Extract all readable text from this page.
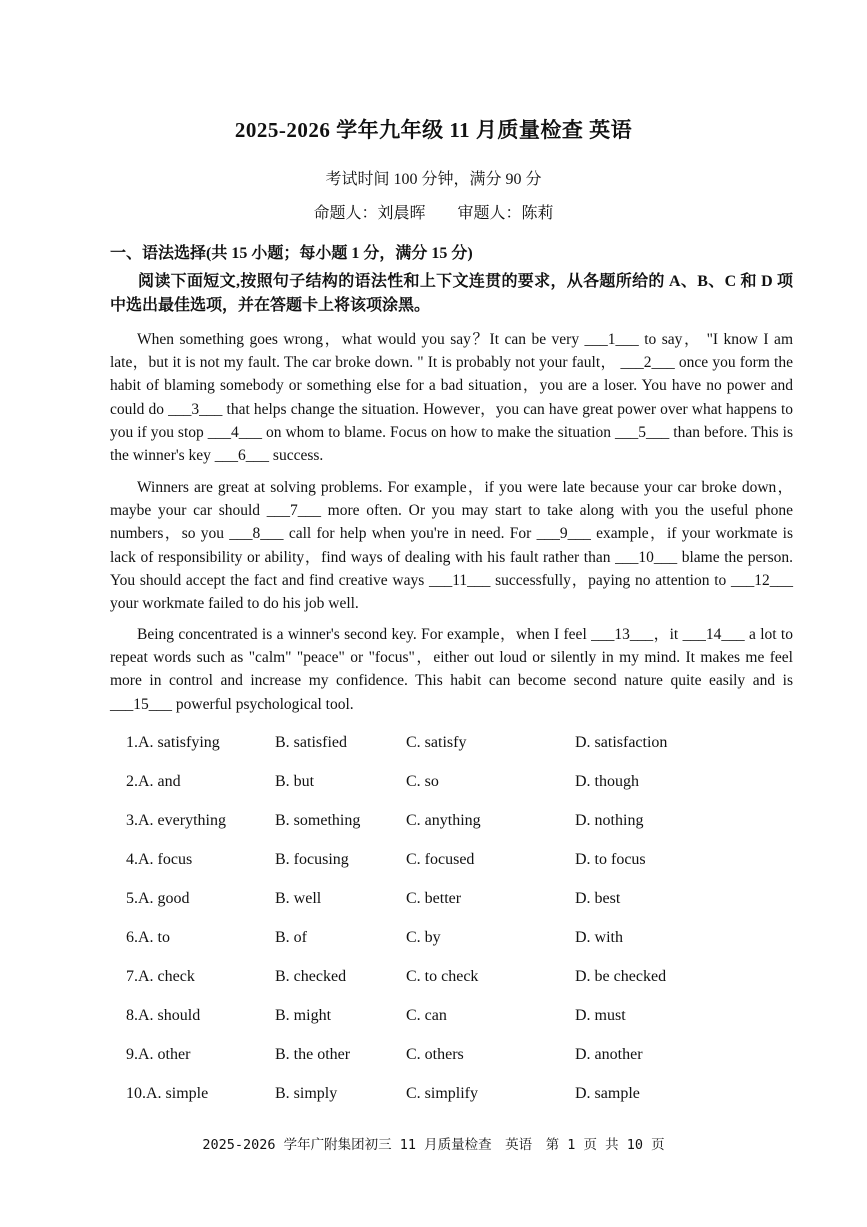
2025-2026 学年九年级 11 月质量检查 英语
考试时间 100 分钟，满分 90 分
命题人：刘晨晖　　审题人：陈莉
一、语法选择(共 15 小题；每小题 1 分，满分 15 分)
阅读下面短文,按照句子结构的语法性和上下文连贯的要求，从各题所给的 A、B、C 和 D 项中选出最佳选项，并在答题卡上将该项涂黑。
When something goes wrong，what would you say？It can be very ___1___ to say， "I know I am late，but it is not my fault. The car broke down. " It is probably not your fault， ___2___ once you form the habit of blaming somebody or something else for a bad situation，you are a loser. You have no power and could do ___3___ that helps change the situation. However，you can have great power over what happens to you if you stop ___4___ on whom to blame. Focus on how to make the situation ___5___ than before. This is the winner's key ___6___ success.
Winners are great at solving problems. For example，if you were late because your car broke down，maybe your car should ___7___ more often. Or you may start to take along with you the useful phone numbers，so you ___8___ call for help when you're in need. For ___9___ example，if your workmate is lack of responsibility or ability，find ways of dealing with his fault rather than ___10___ blame the person. You should accept the fact and find creative ways ___11___ successfully，paying no attention to ___12___ your workmate failed to do his job well.
Being concentrated is a winner's second key. For example，when I feel ___13___，it ___14___ a lot to repeat words such as "calm" "peace" or "focus"，either out loud or silently in my mind. It makes me feel more in control and increase my confidence. This habit can become second nature quite easily and is ___15___ powerful psychological tool.
1.A. satisfying	B. satisfied	C. satisfy	D. satisfaction
2.A. and	B. but	C. so	D. though
3.A. everything	B. something	C. anything	D. nothing
4.A. focus	B. focusing	C. focused	D. to focus
5.A. good	B. well	C. better	D. best
6.A. to	B. of	C. by	D. with
7.A. check	B. checked	C. to check	D. be checked
8.A. should	B. might	C. can	D. must
9.A. other	B. the other	C. others	D. another
10.A. simple	B. simply	C. simplify	D. sample
2025-2026 学年广附集团初三 11 月质量检查　英语　第 1 页 共 10 页
